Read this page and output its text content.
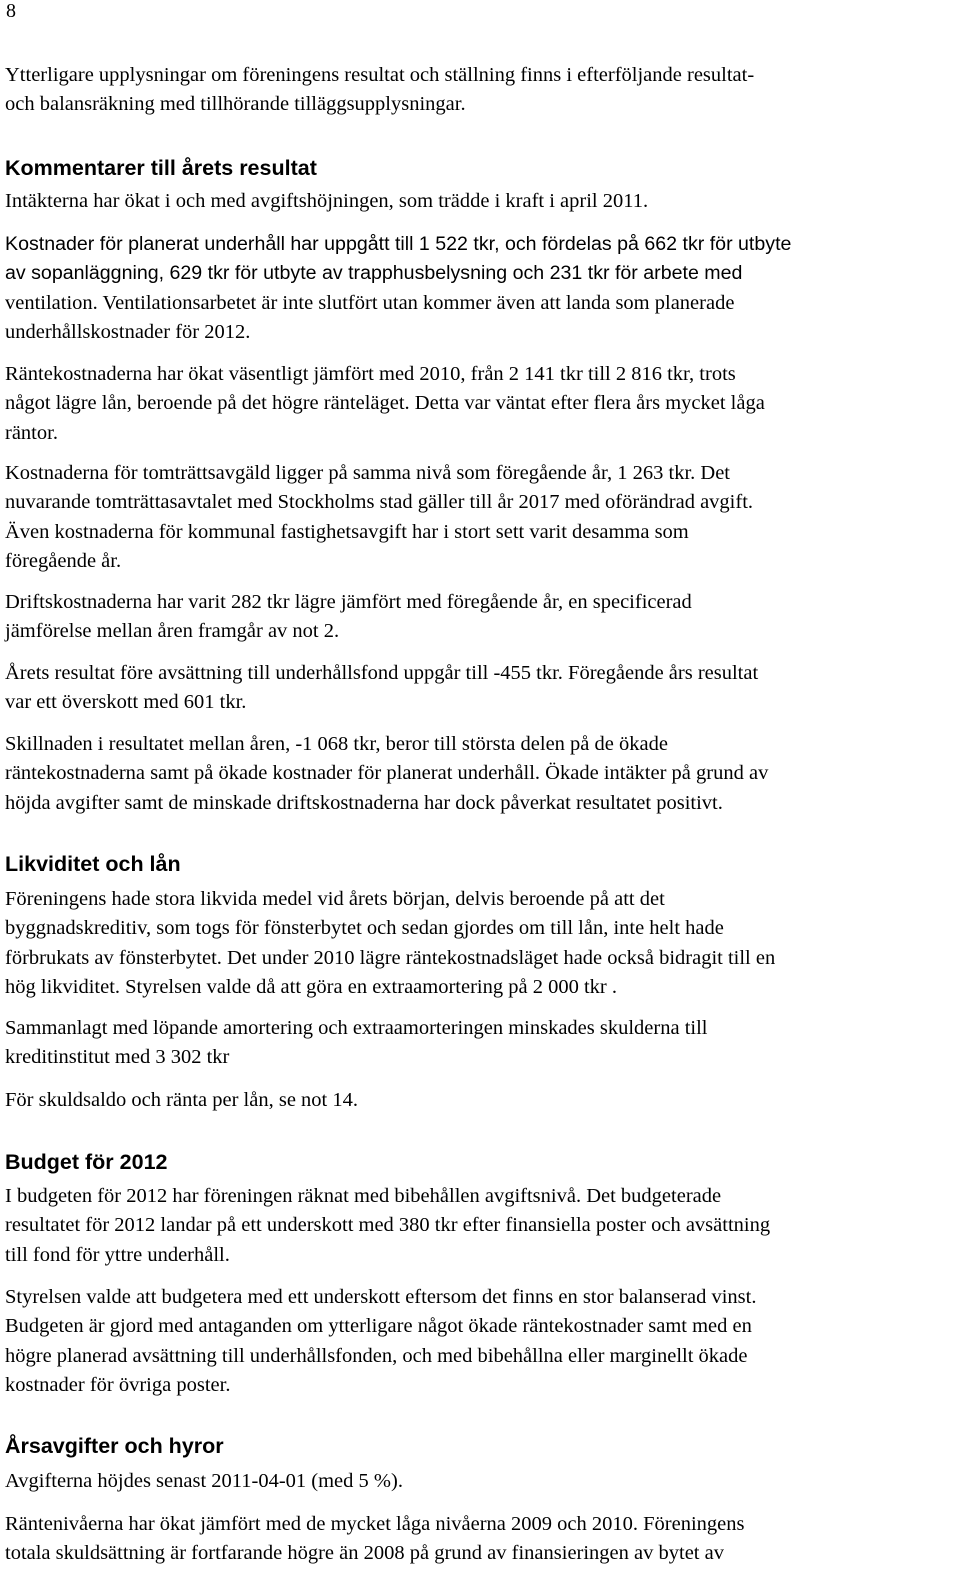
8

Ytterligare upplysningar om föreningens resultat och ställning finns i efterföljande resultat-
och balansräkning med tillhörande tilläggsupplysningar.

Kommentarer till årets resultat

Intäkterna har ökat i och med avgiftshöjningen, som trädde i kraft i april 2011.

Kostnader för planerat underhåll har uppgått till 1 522 tkr, och fördelas på 662 tkr för utbyte
av sopanläggning, 629 tkr för utbyte av trapphusbelysning och 231 tkr för arbete med
ventilation. Ventilationsarbetet är inte slutfört utan kommer även att landa som planerade
underhållskostnader för 2012.

Räntekostnaderna har ökat väsentligt jämfört med 2010, från 2 141 tkr till 2 816 tkr, trots
något lägre lån, beroende på det högre ränteläget. Detta var väntat efter flera års mycket låga
räntor.

Kostnaderna för tomträttsavgäld ligger på samma nivå som föregående år, 1 263 tkr. Det
nuvarande tomträttasavtalet med Stockholms stad gäller till år 2017 med oförändrad avgift.
Även kostnaderna för kommunal fastighetsavgift har i stort sett varit desamma som
föregående år.

Driftskostnaderna har varit 282 tkr lägre jämfört med föregående år, en specificerad
jämförelse mellan åren framgår av not 2.

Årets resultat före avsättning till underhållsfond uppgår till -455 tkr. Föregående års resultat
var ett överskott med 601 tkr.

Skillnaden i resultatet mellan åren, -1 068 tkr, beror till största delen på de ökade
räntekostnaderna samt på ökade kostnader för planerat underhåll. Ökade intäkter på grund av
höjda avgifter samt de minskade driftskostnaderna har dock påverkat resultatet positivt.

Likviditet och lån

Föreningens hade stora likvida medel vid årets början, delvis beroende på att det
byggnadskreditiv, som togs för fönsterbytet och sedan gjordes om till lån, inte helt hade
förbrukats av fönsterbytet. Det under 2010 lägre räntekostnadsläget hade också bidragit till en
hög likviditet. Styrelsen valde då att göra en extraamortering på 2 000 tkr .

Sammanlagt med löpande amortering och extraamorteringen minskades skulderna till
kreditinstitut med 3 302 tkr

För skuldsaldo och ränta per lån, se not 14.

Budget för 2012

I budgeten för 2012 har föreningen räknat med bibehållen avgiftsnivå. Det budgeterade
resultatet för 2012 landar på ett underskott med 380 tkr efter finansiella poster och avsättning
till fond för yttre underhåll.

Styrelsen valde att budgetera med ett underskott eftersom det finns en stor balanserad vinst.
Budgeten är gjord med antaganden om ytterligare något ökade räntekostnader samt med en
högre planerad avsättning till underhållsfonden, och med bibehållna eller marginellt ökade
kostnader för övriga poster.

Årsavgifter och hyror

Avgifterna höjdes senast 2011-04-01 (med 5 %).

Räntenivåerna har ökat jämfört med de mycket låga nivåerna 2009 och 2010. Föreningens
totala skuldsättning är fortfarande högre än 2008 på grund av finansieringen av bytet av
